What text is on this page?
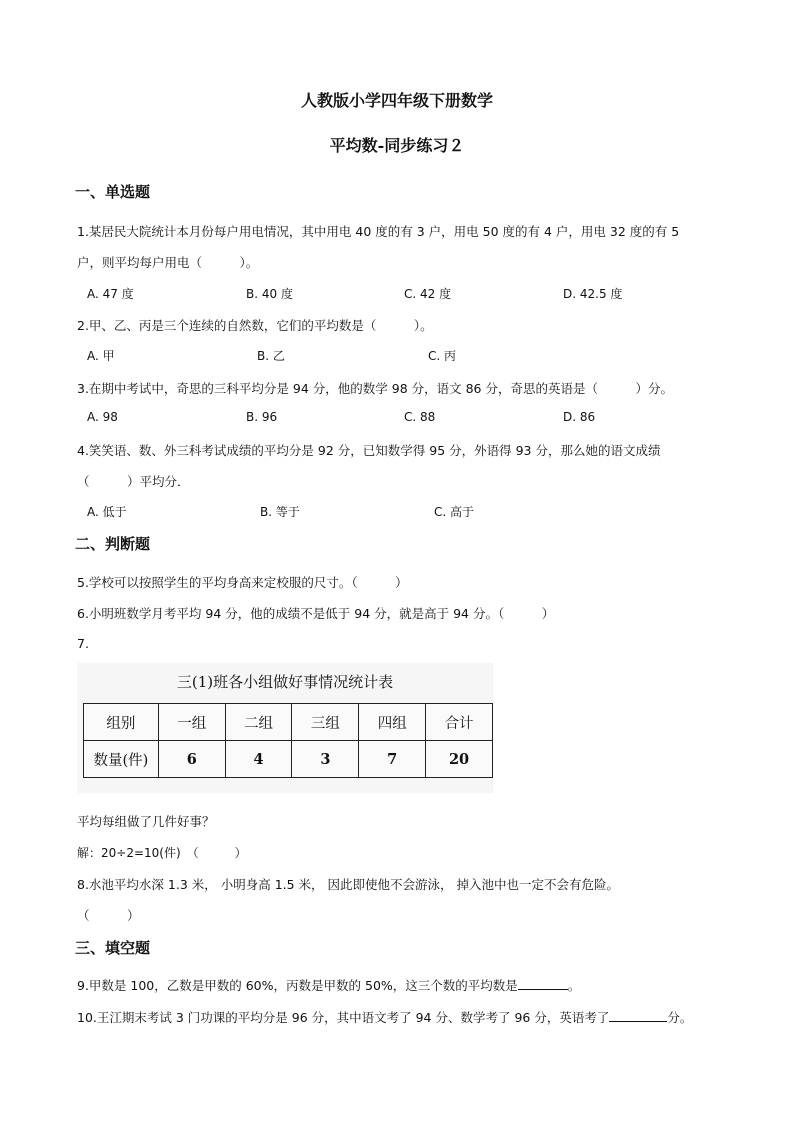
人教版小学四年级下册数学
平均数-同步练习２
一、单选题
1.某居民大院统计本月份每户用电情况，其中用电 40 度的有 3 户，用电 50 度的有 4 户，用电 32 度的有 5
户，则平均每户用电（　　　）。
A. 47 度	B. 40 度	C. 42 度	D. 42.5 度
2.甲、乙、丙是三个连续的自然数，它们的平均数是（　　　）。
A. 甲	B. 乙	C. 丙
3.在期中考试中，奇思的三科平均分是 94 分，他的数学 98 分，语文 86 分，奇思的英语是（　　　）分。
A. 98	B. 96	C. 88	D. 86
4.笑笑语、数、外三科考试成绩的平均分是 92 分，已知数学得 95 分，外语得 93 分，那么她的语文成绩
（　　　）平均分．
A. 低于	B. 等于	C. 高于
二、判断题
5.学校可以按照学生的平均身高来定校服的尺寸。（　　　）
6.小明班数学月考平均 94 分，他的成绩不是低于 94 分，就是高于 94 分。（　　　）
7.
三(1)班各小组做好事情况统计表
组别	一组	二组	三组	四组	合计
数量(件)	6	4	3	7	20
平均每组做了几件好事？
解：20÷2=10(件)　（　　　）
8.水池平均水深 1.3 米， 小明身高 1.5 米， 因此即使他不会游泳， 掉入池中也一定不会有危险。
（　　　）
三、填空题
9.甲数是 100，乙数是甲数的 60%，丙数是甲数的 50%，这三个数的平均数是	。
10.王江期末考试 3 门功课的平均分是 96 分，其中语文考了 94 分、数学考了 96 分，英语考了	分。
